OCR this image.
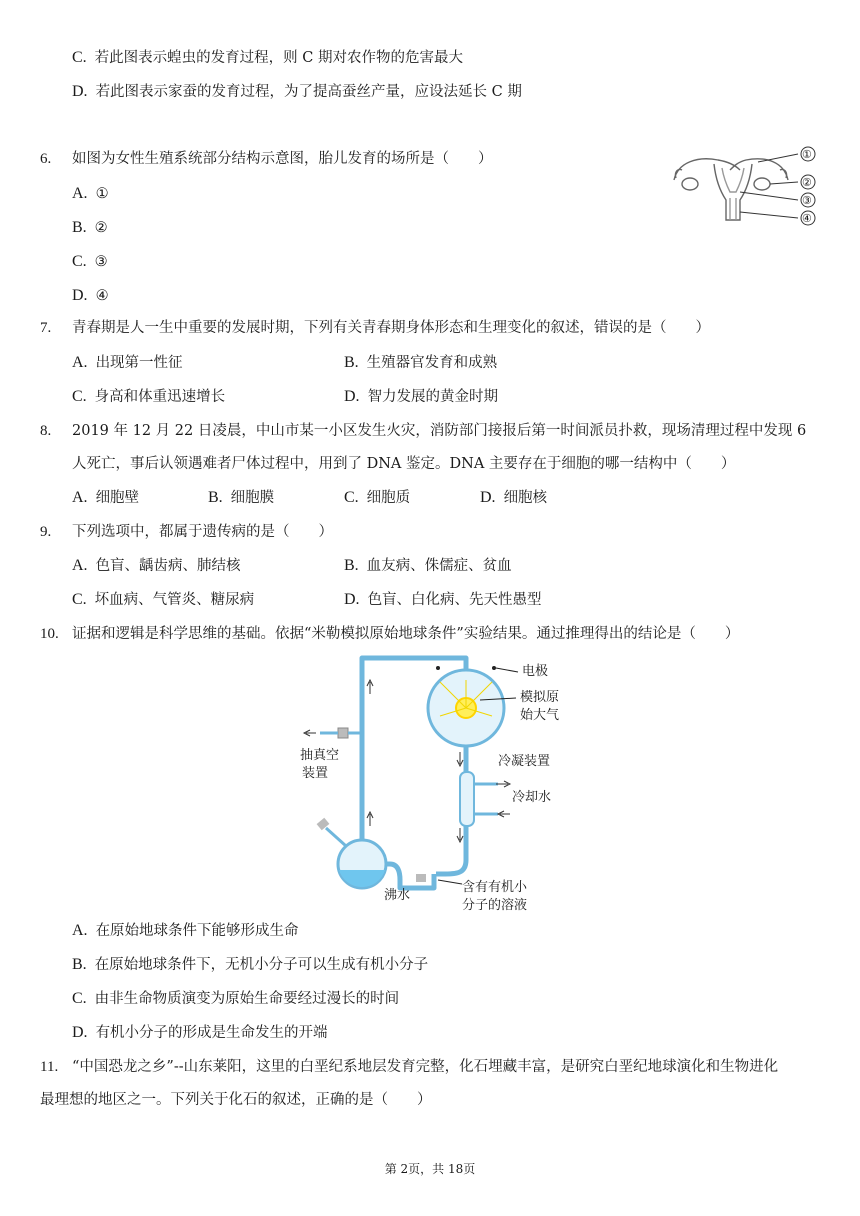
C. 若此图表示蝗虫的发育过程，则 C 期对农作物的危害最大
D. 若此图表示家蚕的发育过程，为了提高蚕丝产量，应设法延长 C 期
6. 如图为女性生殖系统部分结构示意图，胎儿发育的场所是（　　）
A. ①
B. ②
C. ③
D. ④
①
②
③
④
7. 青春期是人一生中重要的发展时期，下列有关青春期身体形态和生理变化的叙述，错误的是（　　）
A. 出现第一性征	B. 生殖器官发育和成熟
C. 身高和体重迅速增长	D. 智力发展的黄金时期
8. 2019 年 12 月 22 日凌晨，中山市某一小区发生火灾，消防部门接报后第一时间派员扑救，现场清理过程中发现 6
人死亡，事后认领遇难者尸体过程中，用到了 DNA 鉴定。DNA 主要存在于细胞的哪一结构中（　　）
A. 细胞壁	B. 细胞膜	C. 细胞质	D. 细胞核
9. 下列选项中，都属于遗传病的是（　　）
A. 色盲、龋齿病、肺结核	B. 血友病、侏儒症、贫血
C. 坏血病、气管炎、糖尿病	D. 色盲、白化病、先天性愚型
10. 证据和逻辑是科学思维的基础。依据“米勒模拟原始地球条件”实验结果。通过推理得出的结论是（　　）
电极
模拟原
始大气
抽真空
装置
冷凝装置
冷却水
沸水
含有有机小
分子的溶液
A. 在原始地球条件下能够形成生命
B. 在原始地球条件下，无机小分子可以生成有机小分子
C. 由非生命物质演变为原始生命要经过漫长的时间
D. 有机小分子的形成是生命发生的开端
11. “中国恐龙之乡”--山东莱阳，这里的白垩纪系地层发育完整，化石埋藏丰富，是研究白垩纪地球演化和生物进化
最理想的地区之一。下列关于化石的叙述，正确的是（　　）
第 2页，共 18页
